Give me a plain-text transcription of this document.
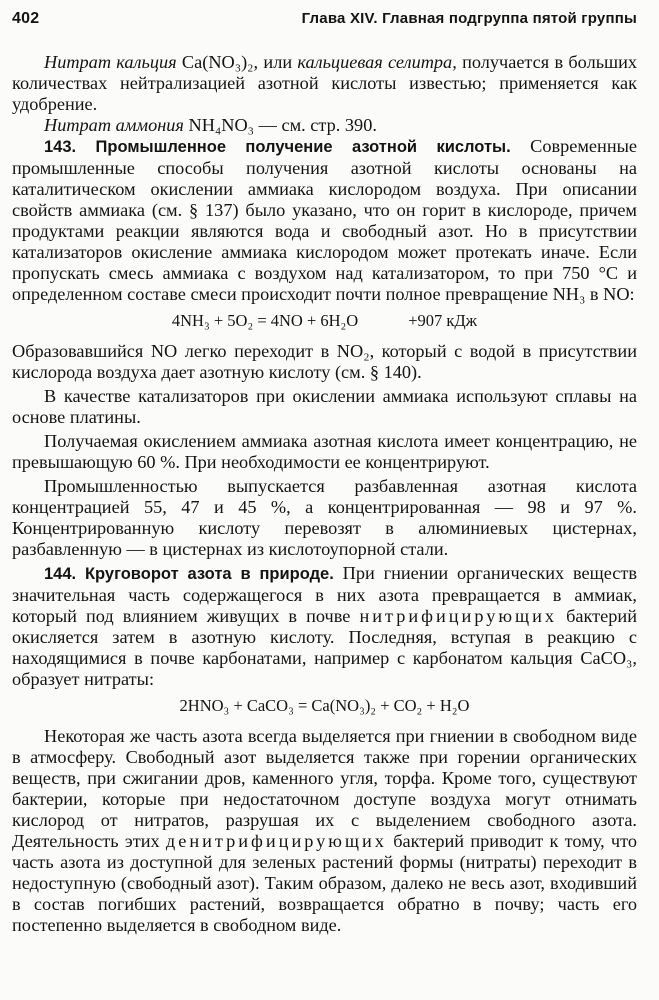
402	Глава XIV. Главная подгруппа пятой группы

Нитрат кальция Ca(NO₃)₂, или кальциевая селитра, получается в больших количествах нейтрализацией азотной кислоты известью; применяется как удобрение.

Нитрат аммония NH₄NO₃ — см. стр. 390.

143. Промышленное получение азотной кислоты. Современные промышленные способы получения азотной кислоты основаны на каталитическом окислении аммиака кислородом воздуха. При описании свойств аммиака (см. § 137) было указано, что он горит в кислороде, причем продуктами реакции являются вода и свободный азот. Но в присутствии катализаторов окисление аммиака кислородом может протекать иначе. Если пропускать смесь аммиака с воздухом над катализатором, то при 750 °C и определенном составе смеси происходит почти полное превращение NH₃ в NO:

4NH₃ + 5O₂ = 4NO + 6H₂O	+907 кДж

Образовавшийся NO легко переходит в NO₂, который с водой в присутствии кислорода воздуха дает азотную кислоту (см. § 140).

В качестве катализаторов при окислении аммиака используют сплавы на основе платины.

Получаемая окислением аммиака азотная кислота имеет концентрацию, не превышающую 60 %. При необходимости ее концентрируют.

Промышленностью выпускается разбавленная азотная кислота концентрацией 55, 47 и 45 %, а концентрированная — 98 и 97 %. Концентрированную кислоту перевозят в алюминиевых цистернах, разбавленную — в цистернах из кислотоупорной стали.

144. Круговорот азота в природе. При гниении органических веществ значительная часть содержащегося в них азота превращается в аммиак, который под влиянием живущих в почве нитрифицирующих бактерий окисляется затем в азотную кислоту. Последняя, вступая в реакцию с находящимися в почве карбонатами, например с карбонатом кальция CaCO₃, образует нитраты:

2HNO₃ + CaCO₃ = Ca(NO₃)₂ + CO₂ + H₂O

Некоторая же часть азота всегда выделяется при гниении в свободном виде в атмосферу. Свободный азот выделяется также при горении органических веществ, при сжигании дров, каменного угля, торфа. Кроме того, существуют бактерии, которые при недостаточном доступе воздуха могут отнимать кислород от нитратов, разрушая их с выделением свободного азота. Деятельность этих денитрифицирующих бактерий приводит к тому, что часть азота из доступной для зеленых растений формы (нитраты) переходит в недоступную (свободный азот). Таким образом, далеко не весь азот, входивший в состав погибших растений, возвращается обратно в почву; часть его постепенно выделяется в свободном виде.
